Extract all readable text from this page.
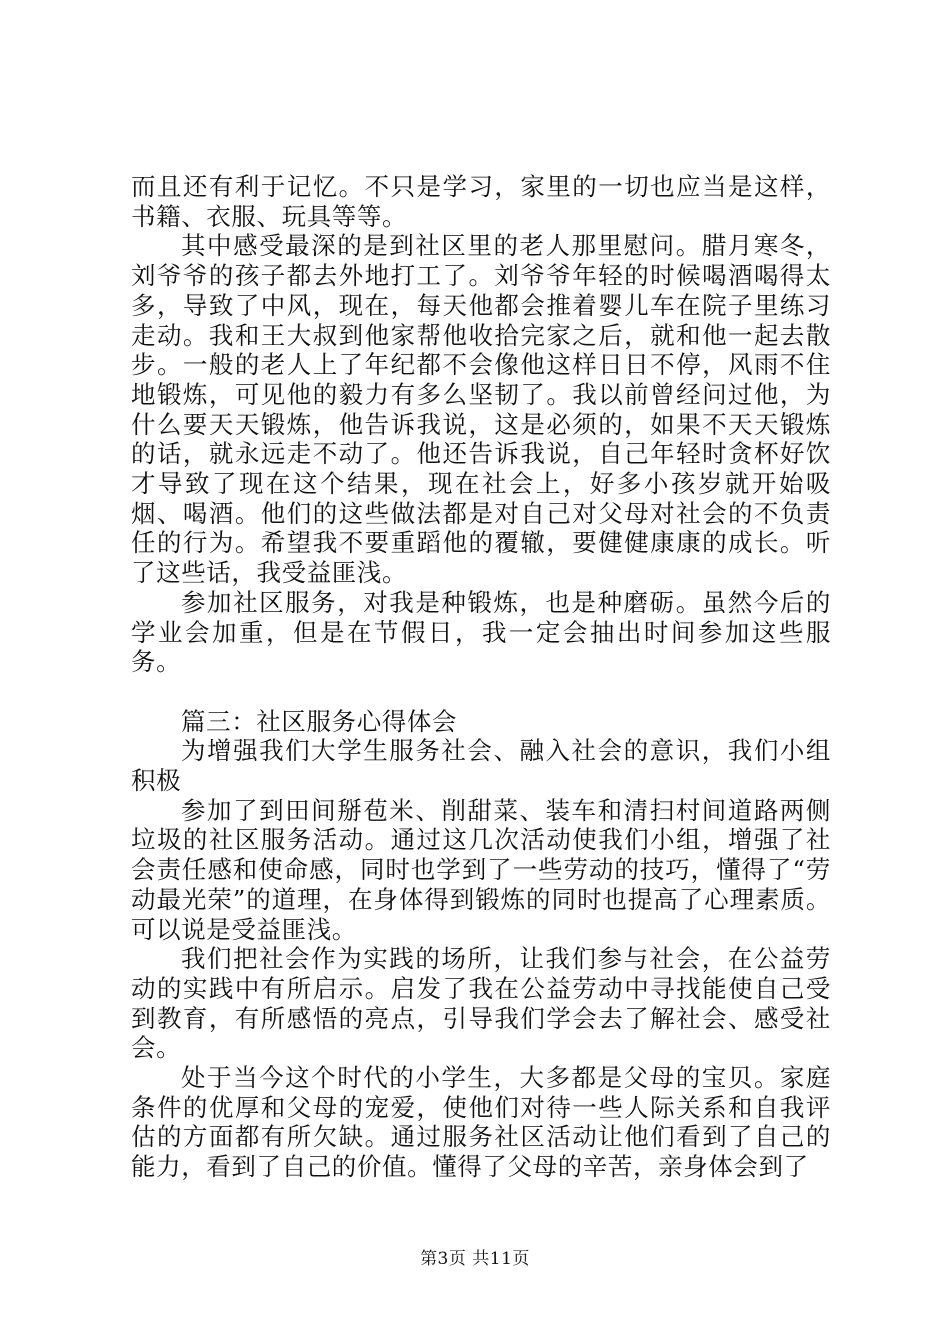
而且还有利于记忆。不只是学习，家里的一切也应当是这样，书籍、衣服、玩具等等。

其中感受最深的是到社区里的老人那里慰问。腊月寒冬，刘爷爷的孩子都去外地打工了。刘爷爷年轻的时候喝酒喝得太多，导致了中风，现在，每天他都会推着婴儿车在院子里练习走动。我和王大叔到他家帮他收拾完家之后，就和他一起去散步。一般的老人上了年纪都不会像他这样日日不停，风雨不住地锻炼，可见他的毅力有多么坚韧了。我以前曾经问过他，为什么要天天锻炼，他告诉我说，这是必须的，如果不天天锻炼的话，就永远走不动了。他还告诉我说，自己年轻时贪杯好饮才导致了现在这个结果，现在社会上，好多小孩岁就开始吸烟、喝酒。他们的这些做法都是对自己对父母对社会的不负责任的行为。希望我不要重蹈他的覆辙，要健健康康的成长。听了这些话，我受益匪浅。

参加社区服务，对我是种锻炼，也是种磨砺。虽然今后的学业会加重，但是在节假日，我一定会抽出时间参加这些服务。

篇三：社区服务心得体会

为增强我们大学生服务社会、融入社会的意识，我们小组积极

参加了到田间掰苞米、削甜菜、装车和清扫村间道路两侧垃圾的社区服务活动。通过这几次活动使我们小组，增强了社会责任感和使命感，同时也学到了一些劳动的技巧，懂得了“劳动最光荣”的道理，在身体得到锻炼的同时也提高了心理素质。可以说是受益匪浅。

我们把社会作为实践的场所，让我们参与社会，在公益劳动的实践中有所启示。启发了我在公益劳动中寻找能使自己受到教育，有所感悟的亮点，引导我们学会去了解社会、感受社会。

处于当今这个时代的小学生，大多都是父母的宝贝。家庭条件的优厚和父母的宠爱，使他们对待一些人际关系和自我评估的方面都有所欠缺。通过服务社区活动让他们看到了自己的能力，看到了自己的价值。懂得了父母的辛苦，亲身体会到了

第3页 共11页
